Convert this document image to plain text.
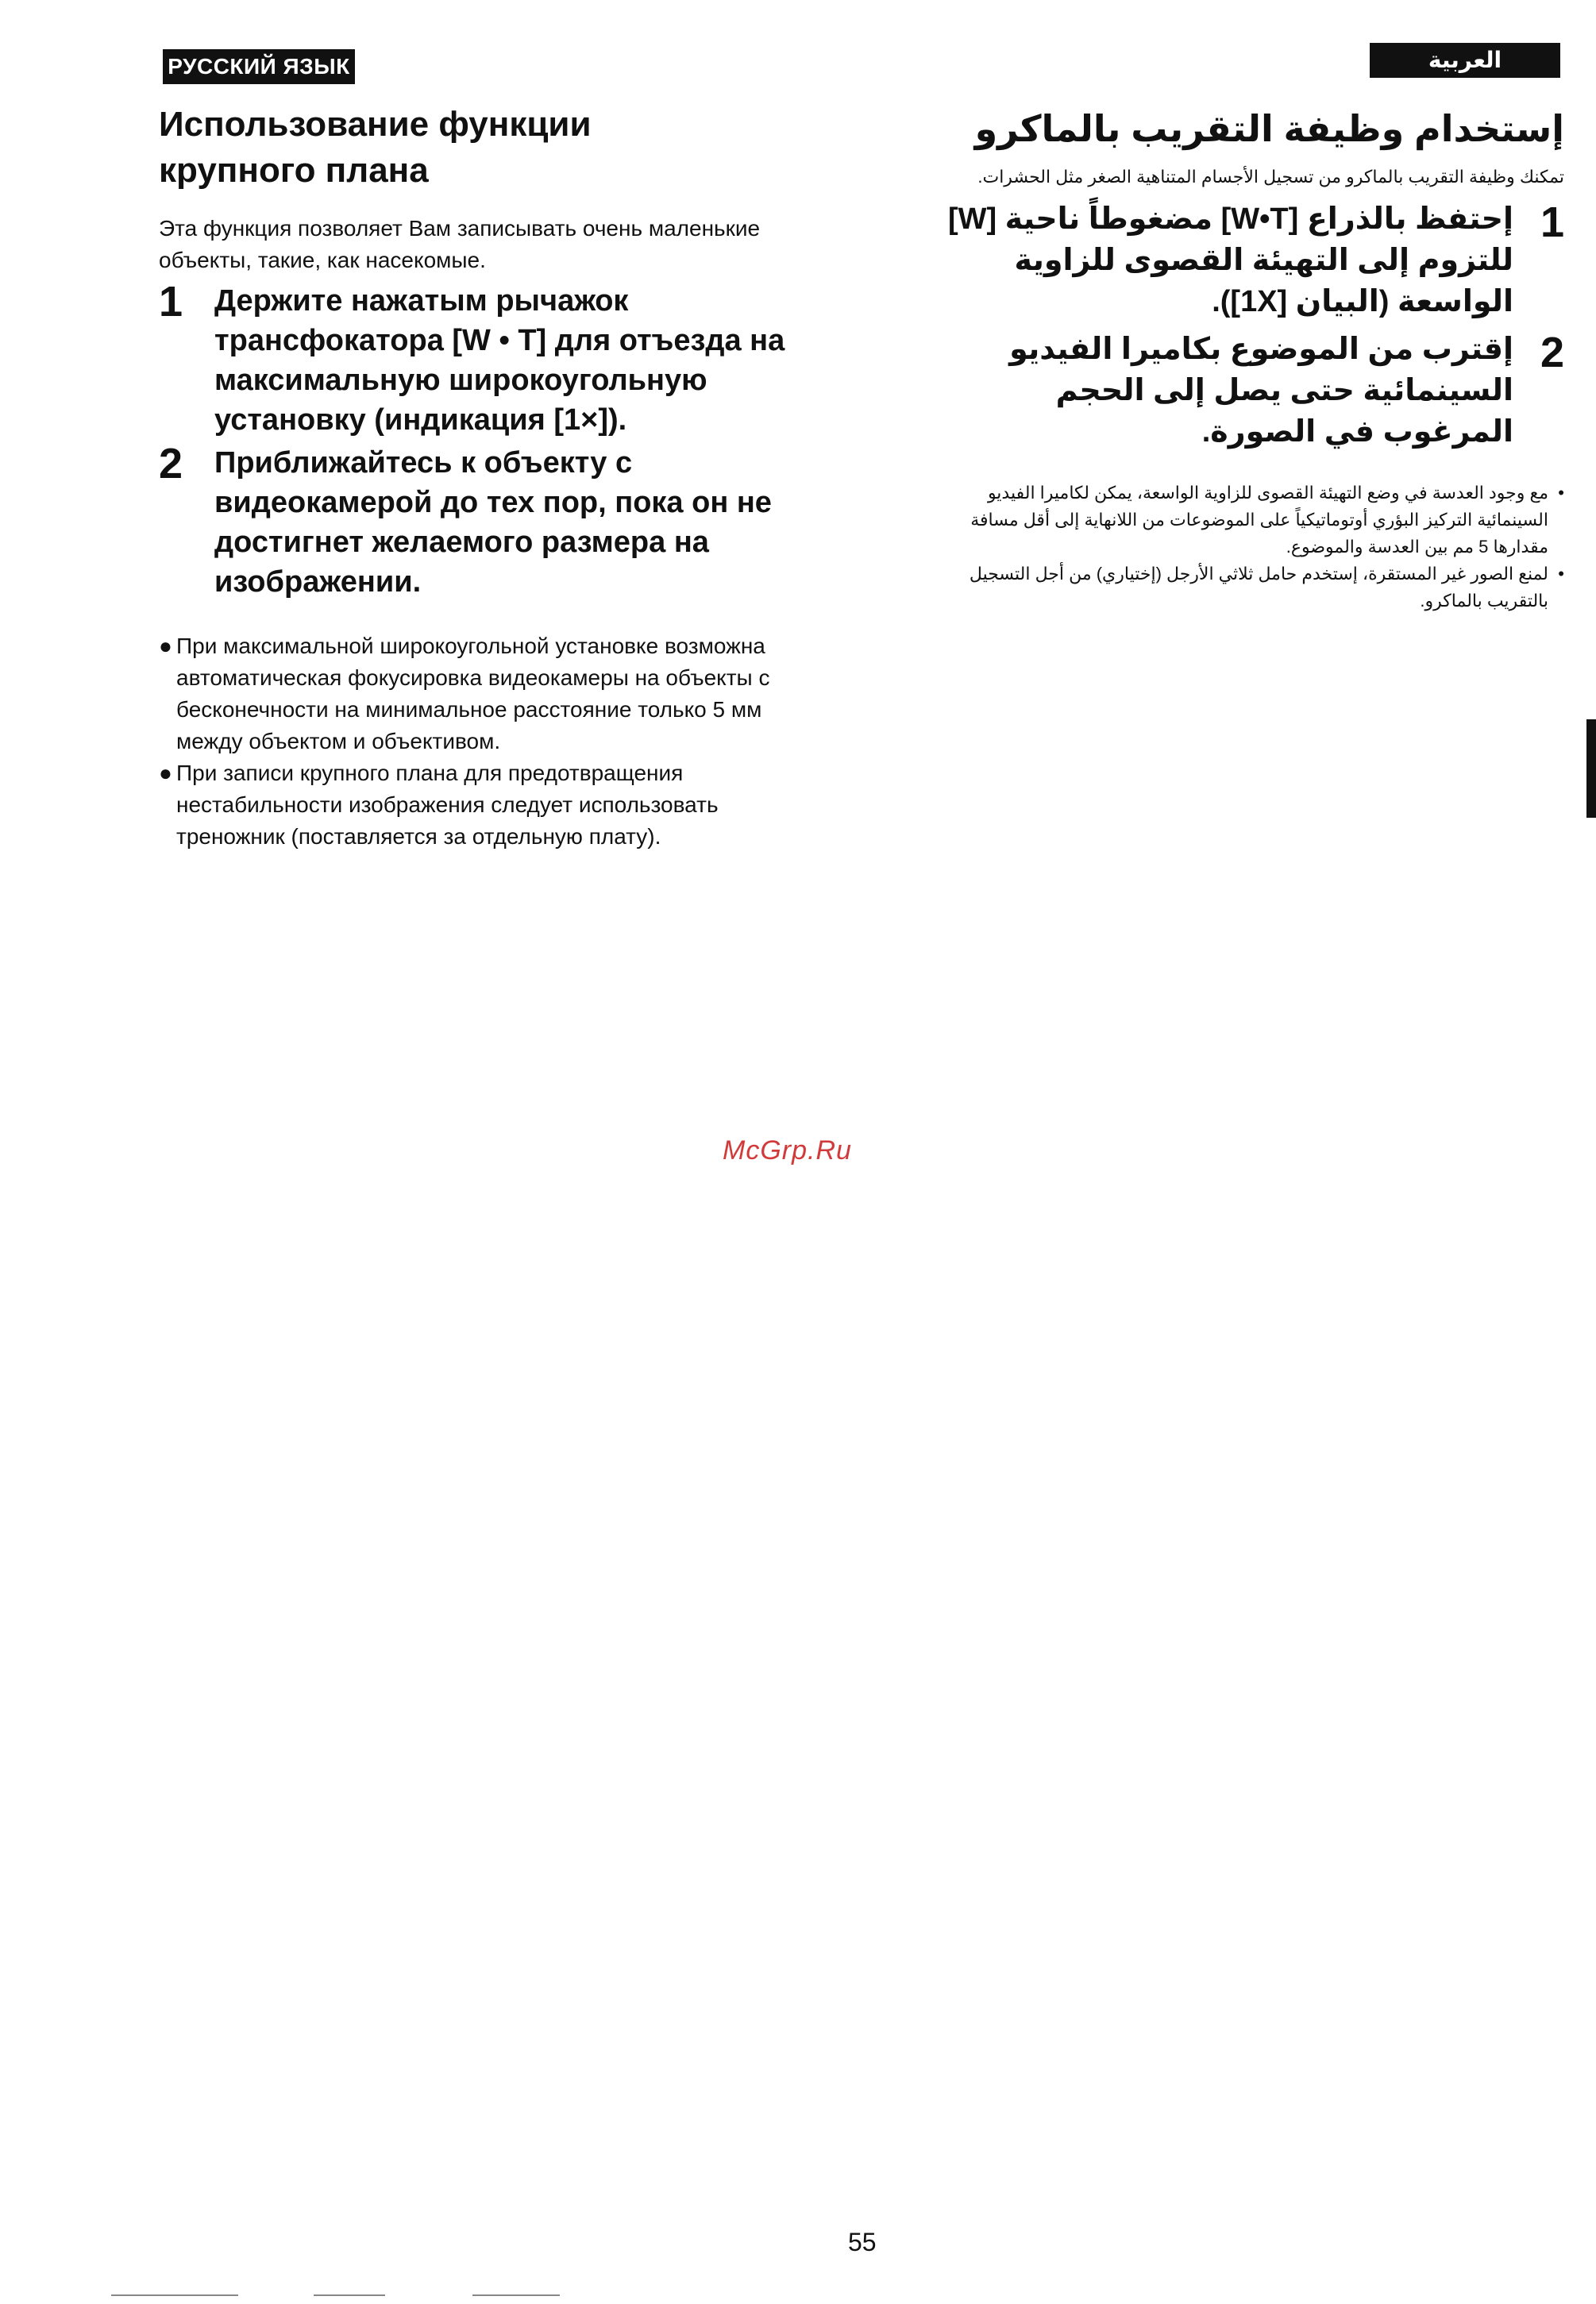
РУССКИЙ ЯЗЫК	العربية
Использование функции
крупного плана

Эта функция позволяет Вам записывать очень маленькие объекты, такие, как насекомые.

1	Держите нажатым рычажок трансфокатора [W • T] для отъезда на максимальную широкоугольную установку (индикация [1×]).
2	Приближайтесь к объекту с видеокамерой до тех пор, пока он не достигнет желаемого размера на изображении.
● При максимальной широкоугольной установке возможна автоматическая фокусировка видеокамеры на объекты с бесконечности на минимальное расстояние только 5 мм между объектом и объективом.
● При записи крупного плана для предотвращения нестабильности изображения следует использовать треножник (поставляется за отдельную плату).
إستخدام وظيفة التقريب بالماكرو

تمكنك وظيفة التقريب بالماكرو من تسجيل الأجسام المتناهية الصغر مثل الحشرات.

1
إحتفظ بالذراع [W•T] مضغوطاً ناحية [W] للتزوم إلى التهيئة القصوى للزاوية الواسعة (البيان [1X]).
2
إقترب من الموضوع بكاميرا الفيديو السينمائية حتى يصل إلى الحجم المرغوب في الصورة.
•
مع وجود العدسة في وضع التهيئة القصوى للزاوية الواسعة، يمكن لكاميرا الفيديو السينمائية التركيز البؤري أوتوماتيكياً على الموضوعات من اللانهاية إلى أقل مسافة مقدارها 5 مم بين العدسة والموضوع.
•
لمنع الصور غير المستقرة، إستخدم حامل ثلاثي الأرجل (إختياري) من أجل التسجيل بالتقريب بالماكرو.
McGrp.Ru
55
